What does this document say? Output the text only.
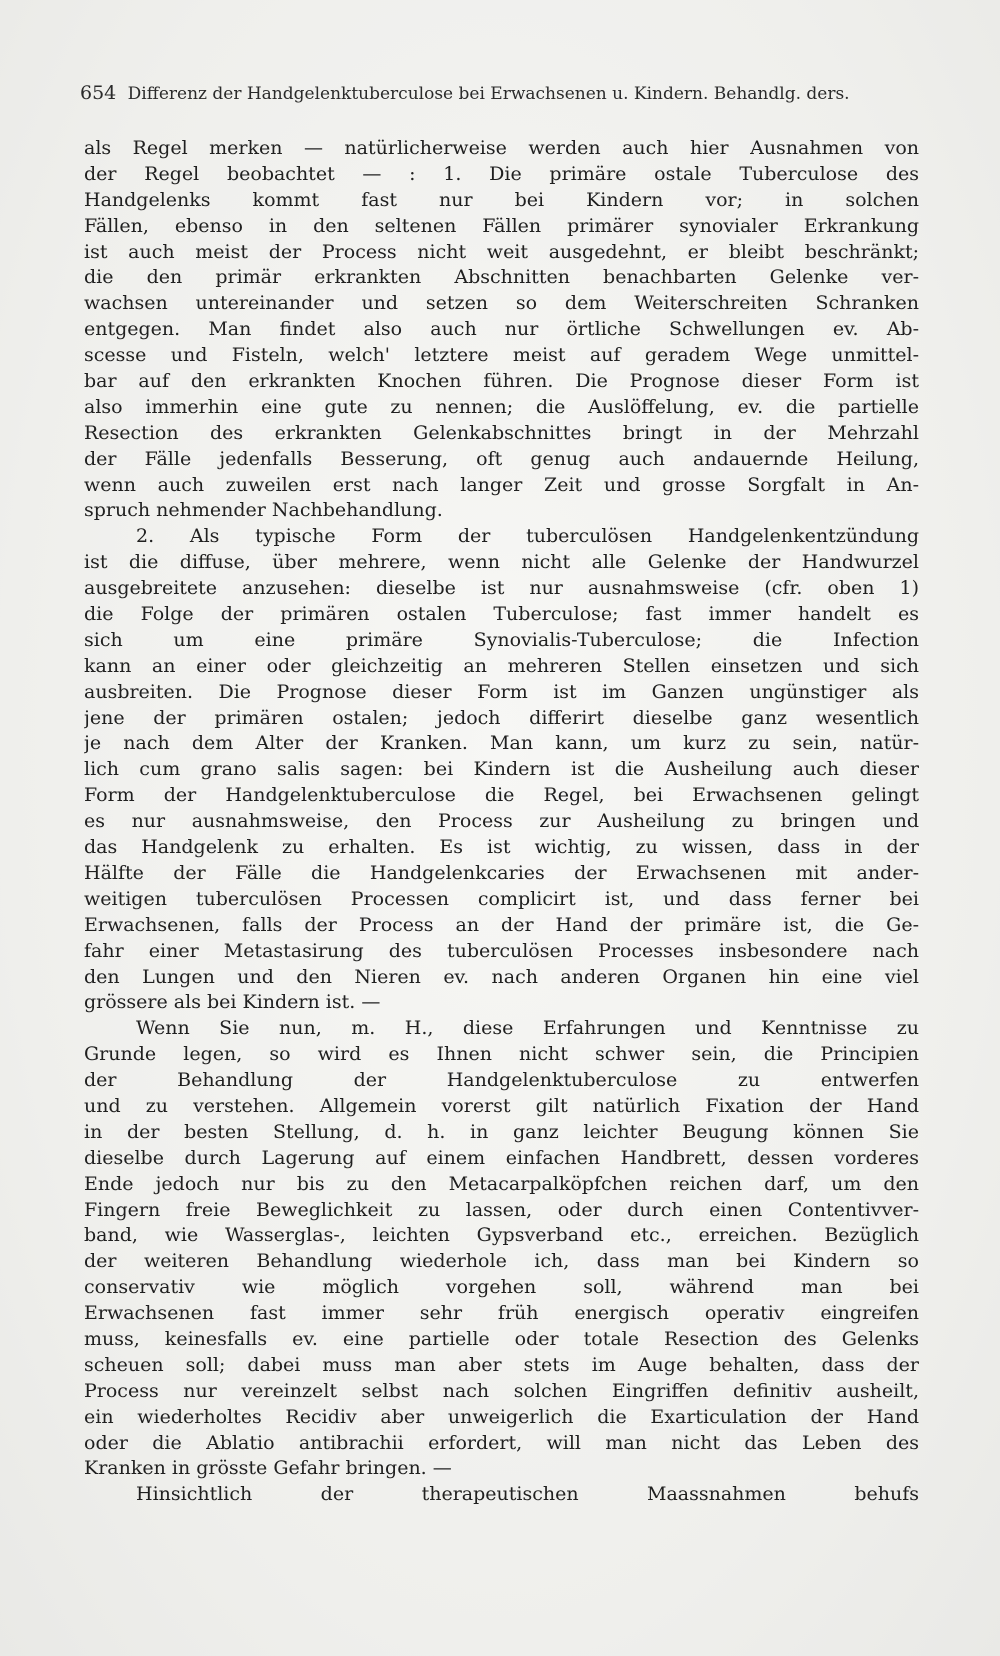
654 Differenz der Handgelenktuberculose bei Erwachsenen u. Kindern. Behandlg. ders.
als Regel merken — natürlicherweise werden auch hier Ausnahmen von
der Regel beobachtet — : 1. Die primäre ostale Tuberculose des
Handgelenks kommt fast nur bei Kindern vor; in solchen
Fällen, ebenso in den seltenen Fällen primärer synovialer Erkrankung
ist auch meist der Process nicht weit ausgedehnt, er bleibt beschränkt;
die den primär erkrankten Abschnitten benachbarten Gelenke ver-
wachsen untereinander und setzen so dem Weiterschreiten Schranken
entgegen. Man findet also auch nur örtliche Schwellungen ev. Ab-
scesse und Fisteln, welch' letztere meist auf geradem Wege unmittel-
bar auf den erkrankten Knochen führen. Die Prognose dieser Form ist
also immerhin eine gute zu nennen; die Auslöffelung, ev. die partielle
Resection des erkrankten Gelenkabschnittes bringt in der Mehrzahl
der Fälle jedenfalls Besserung, oft genug auch andauernde Heilung,
wenn auch zuweilen erst nach langer Zeit und grosse Sorgfalt in An-
spruch nehmender Nachbehandlung.
2. Als typische Form der tuberculösen Handgelenkentzündung
ist die diffuse, über mehrere, wenn nicht alle Gelenke der Handwurzel
ausgebreitete anzusehen: dieselbe ist nur ausnahmsweise (cfr. oben 1)
die Folge der primären ostalen Tuberculose; fast immer handelt es
sich um eine primäre Synovialis-Tuberculose; die Infection
kann an einer oder gleichzeitig an mehreren Stellen einsetzen und sich
ausbreiten. Die Prognose dieser Form ist im Ganzen ungünstiger als
jene der primären ostalen; jedoch differirt dieselbe ganz wesentlich
je nach dem Alter der Kranken. Man kann, um kurz zu sein, natür-
lich cum grano salis sagen: bei Kindern ist die Ausheilung auch dieser
Form der Handgelenktuberculose die Regel, bei Erwachsenen gelingt
es nur ausnahmsweise, den Process zur Ausheilung zu bringen und
das Handgelenk zu erhalten. Es ist wichtig, zu wissen, dass in der
Hälfte der Fälle die Handgelenkcaries der Erwachsenen mit ander-
weitigen tuberculösen Processen complicirt ist, und dass ferner bei
Erwachsenen, falls der Process an der Hand der primäre ist, die Ge-
fahr einer Metastasirung des tuberculösen Processes insbesondere nach
den Lungen und den Nieren ev. nach anderen Organen hin eine viel
grössere als bei Kindern ist. —
Wenn Sie nun, m. H., diese Erfahrungen und Kenntnisse zu
Grunde legen, so wird es Ihnen nicht schwer sein, die Principien
der Behandlung der Handgelenktuberculose zu entwerfen
und zu verstehen. Allgemein vorerst gilt natürlich Fixation der Hand
in der besten Stellung, d. h. in ganz leichter Beugung können Sie
dieselbe durch Lagerung auf einem einfachen Handbrett, dessen vorderes
Ende jedoch nur bis zu den Metacarpalköpfchen reichen darf, um den
Fingern freie Beweglichkeit zu lassen, oder durch einen Contentivver-
band, wie Wasserglas-, leichten Gypsverband etc., erreichen. Bezüglich
der weiteren Behandlung wiederhole ich, dass man bei Kindern so
conservativ wie möglich vorgehen soll, während man bei
Erwachsenen fast immer sehr früh energisch operativ eingreifen
muss, keinesfalls ev. eine partielle oder totale Resection des Gelenks
scheuen soll; dabei muss man aber stets im Auge behalten, dass der
Process nur vereinzelt selbst nach solchen Eingriffen definitiv ausheilt,
ein wiederholtes Recidiv aber unweigerlich die Exarticulation der Hand
oder die Ablatio antibrachii erfordert, will man nicht das Leben des
Kranken in grösste Gefahr bringen. —
Hinsichtlich der therapeutischen Maassnahmen behufs
